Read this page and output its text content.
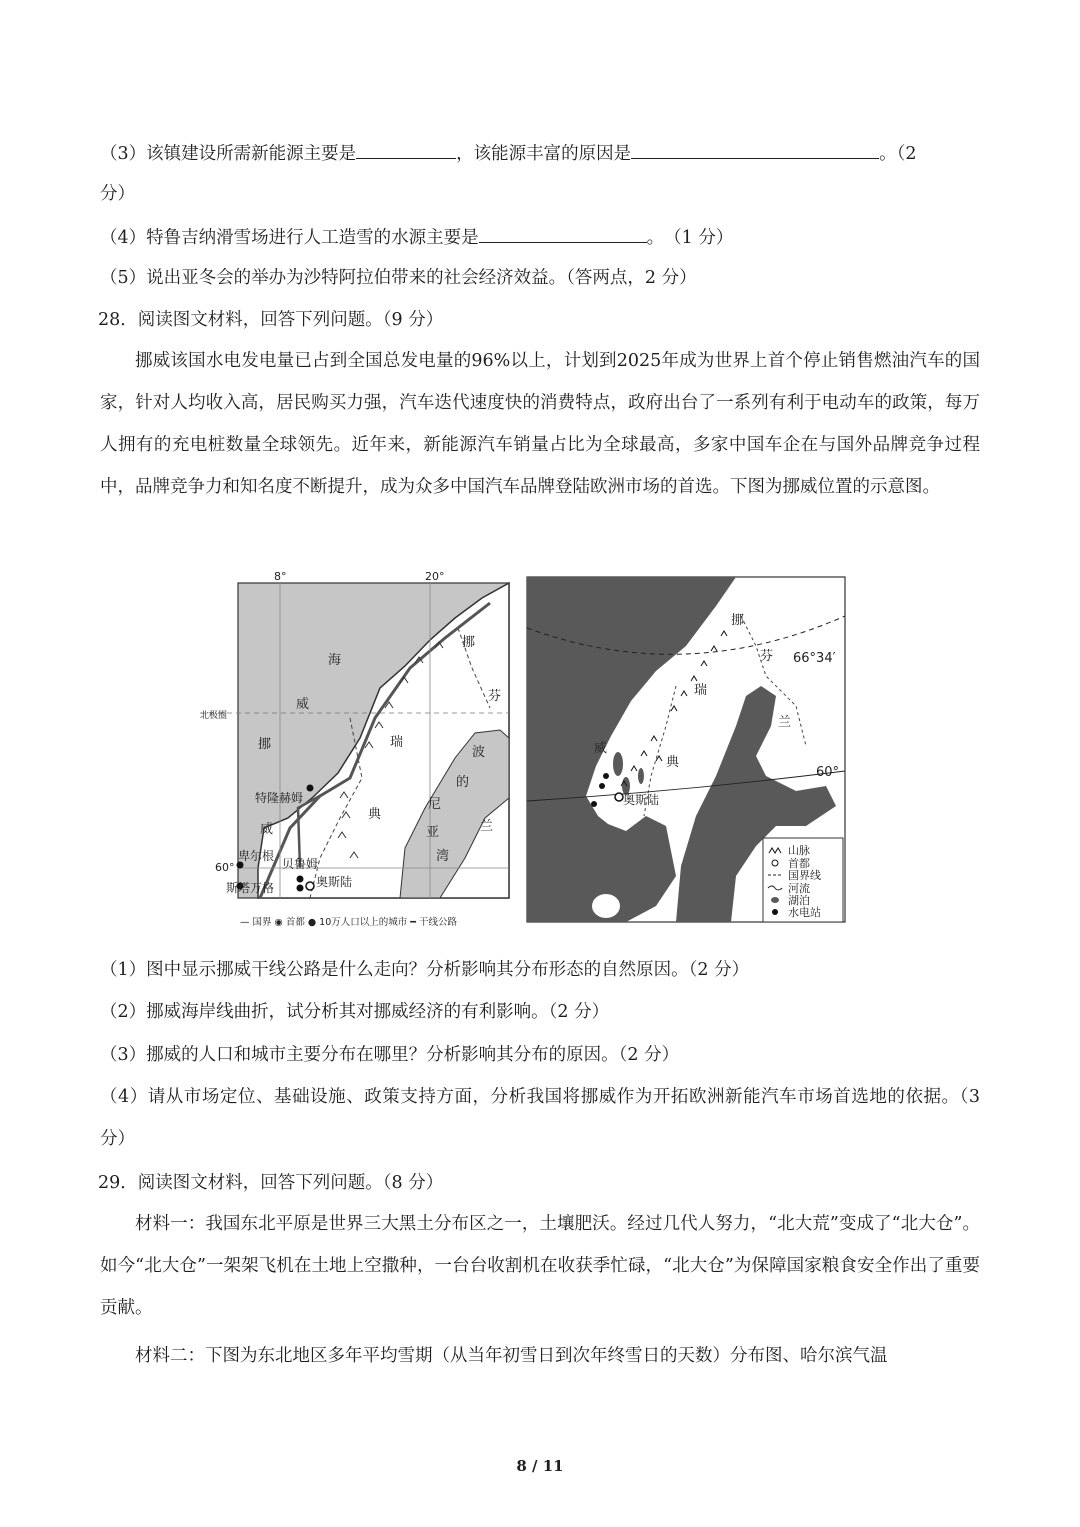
（3）该镇建设所需新能源主要是	，该能源丰富的原因是	。（2
分）
（4）特鲁吉纳滑雪场进行人工造雪的水源主要是	。　（1 分）
（5）说出亚冬会的举办为沙特阿拉伯带来的社会经济效益。（答两点，2 分）
28．阅读图文材料，回答下列问题。（9 分）
挪威该国水电发电量已占到全国总发电量的96%以上，计划到2025年成为世界上首个停止销售燃油汽车的国家，针对人均收入高，居民购买力强，汽车迭代速度快的消费特点，政府出台了一系列有利于电动车的政策，每万人拥有的充电桩数量全球领先。近年来，新能源汽车销量占比为全球最高，多家中国车企在与国外品牌竞争过程中，品牌竞争力和知名度不断提升，成为众多中国汽车品牌登陆欧洲市场的首选。下图为挪威位置的示意图。
8°	20°
北极圈
60°
海
威
挪
威
瑞
典
芬
兰
挪
波
的
尼
亚
湾
特隆赫姆
卑尔根
斯塔万格
贝鲁姆
奥斯陆
— 国界 ◉ 首都 ● 10万人口以上的城市 ━ 干线公路
66°34′
60°
挪
威
芬
兰
瑞
典
奥斯陆
山脉
首都
国界线
河流
湖泊
水电站
（1）图中显示挪威干线公路是什么走向？分析影响其分布形态的自然原因。（2 分）
（2）挪威海岸线曲折，试分析其对挪威经济的有利影响。（2 分）
（3）挪威的人口和城市主要分布在哪里？分析影响其分布的原因。（2 分）
（4）请从市场定位、基础设施、政策支持方面，分析我国将挪威作为开拓欧洲新能汽车市场首选地的依据。（3 分）
29．阅读图文材料，回答下列问题。（8 分）
材料一：我国东北平原是世界三大黑土分布区之一，土壤肥沃。经过几代人努力，“北大荒”变成了“北大仓”。如今“北大仓”一架架飞机在土地上空撒种，一台台收割机在收获季忙碌，“北大仓”为保障国家粮食安全作出了重要贡献。
材料二：下图为东北地区多年平均雪期（从当年初雪日到次年终雪日的天数）分布图、哈尔滨气温
8 / 11
